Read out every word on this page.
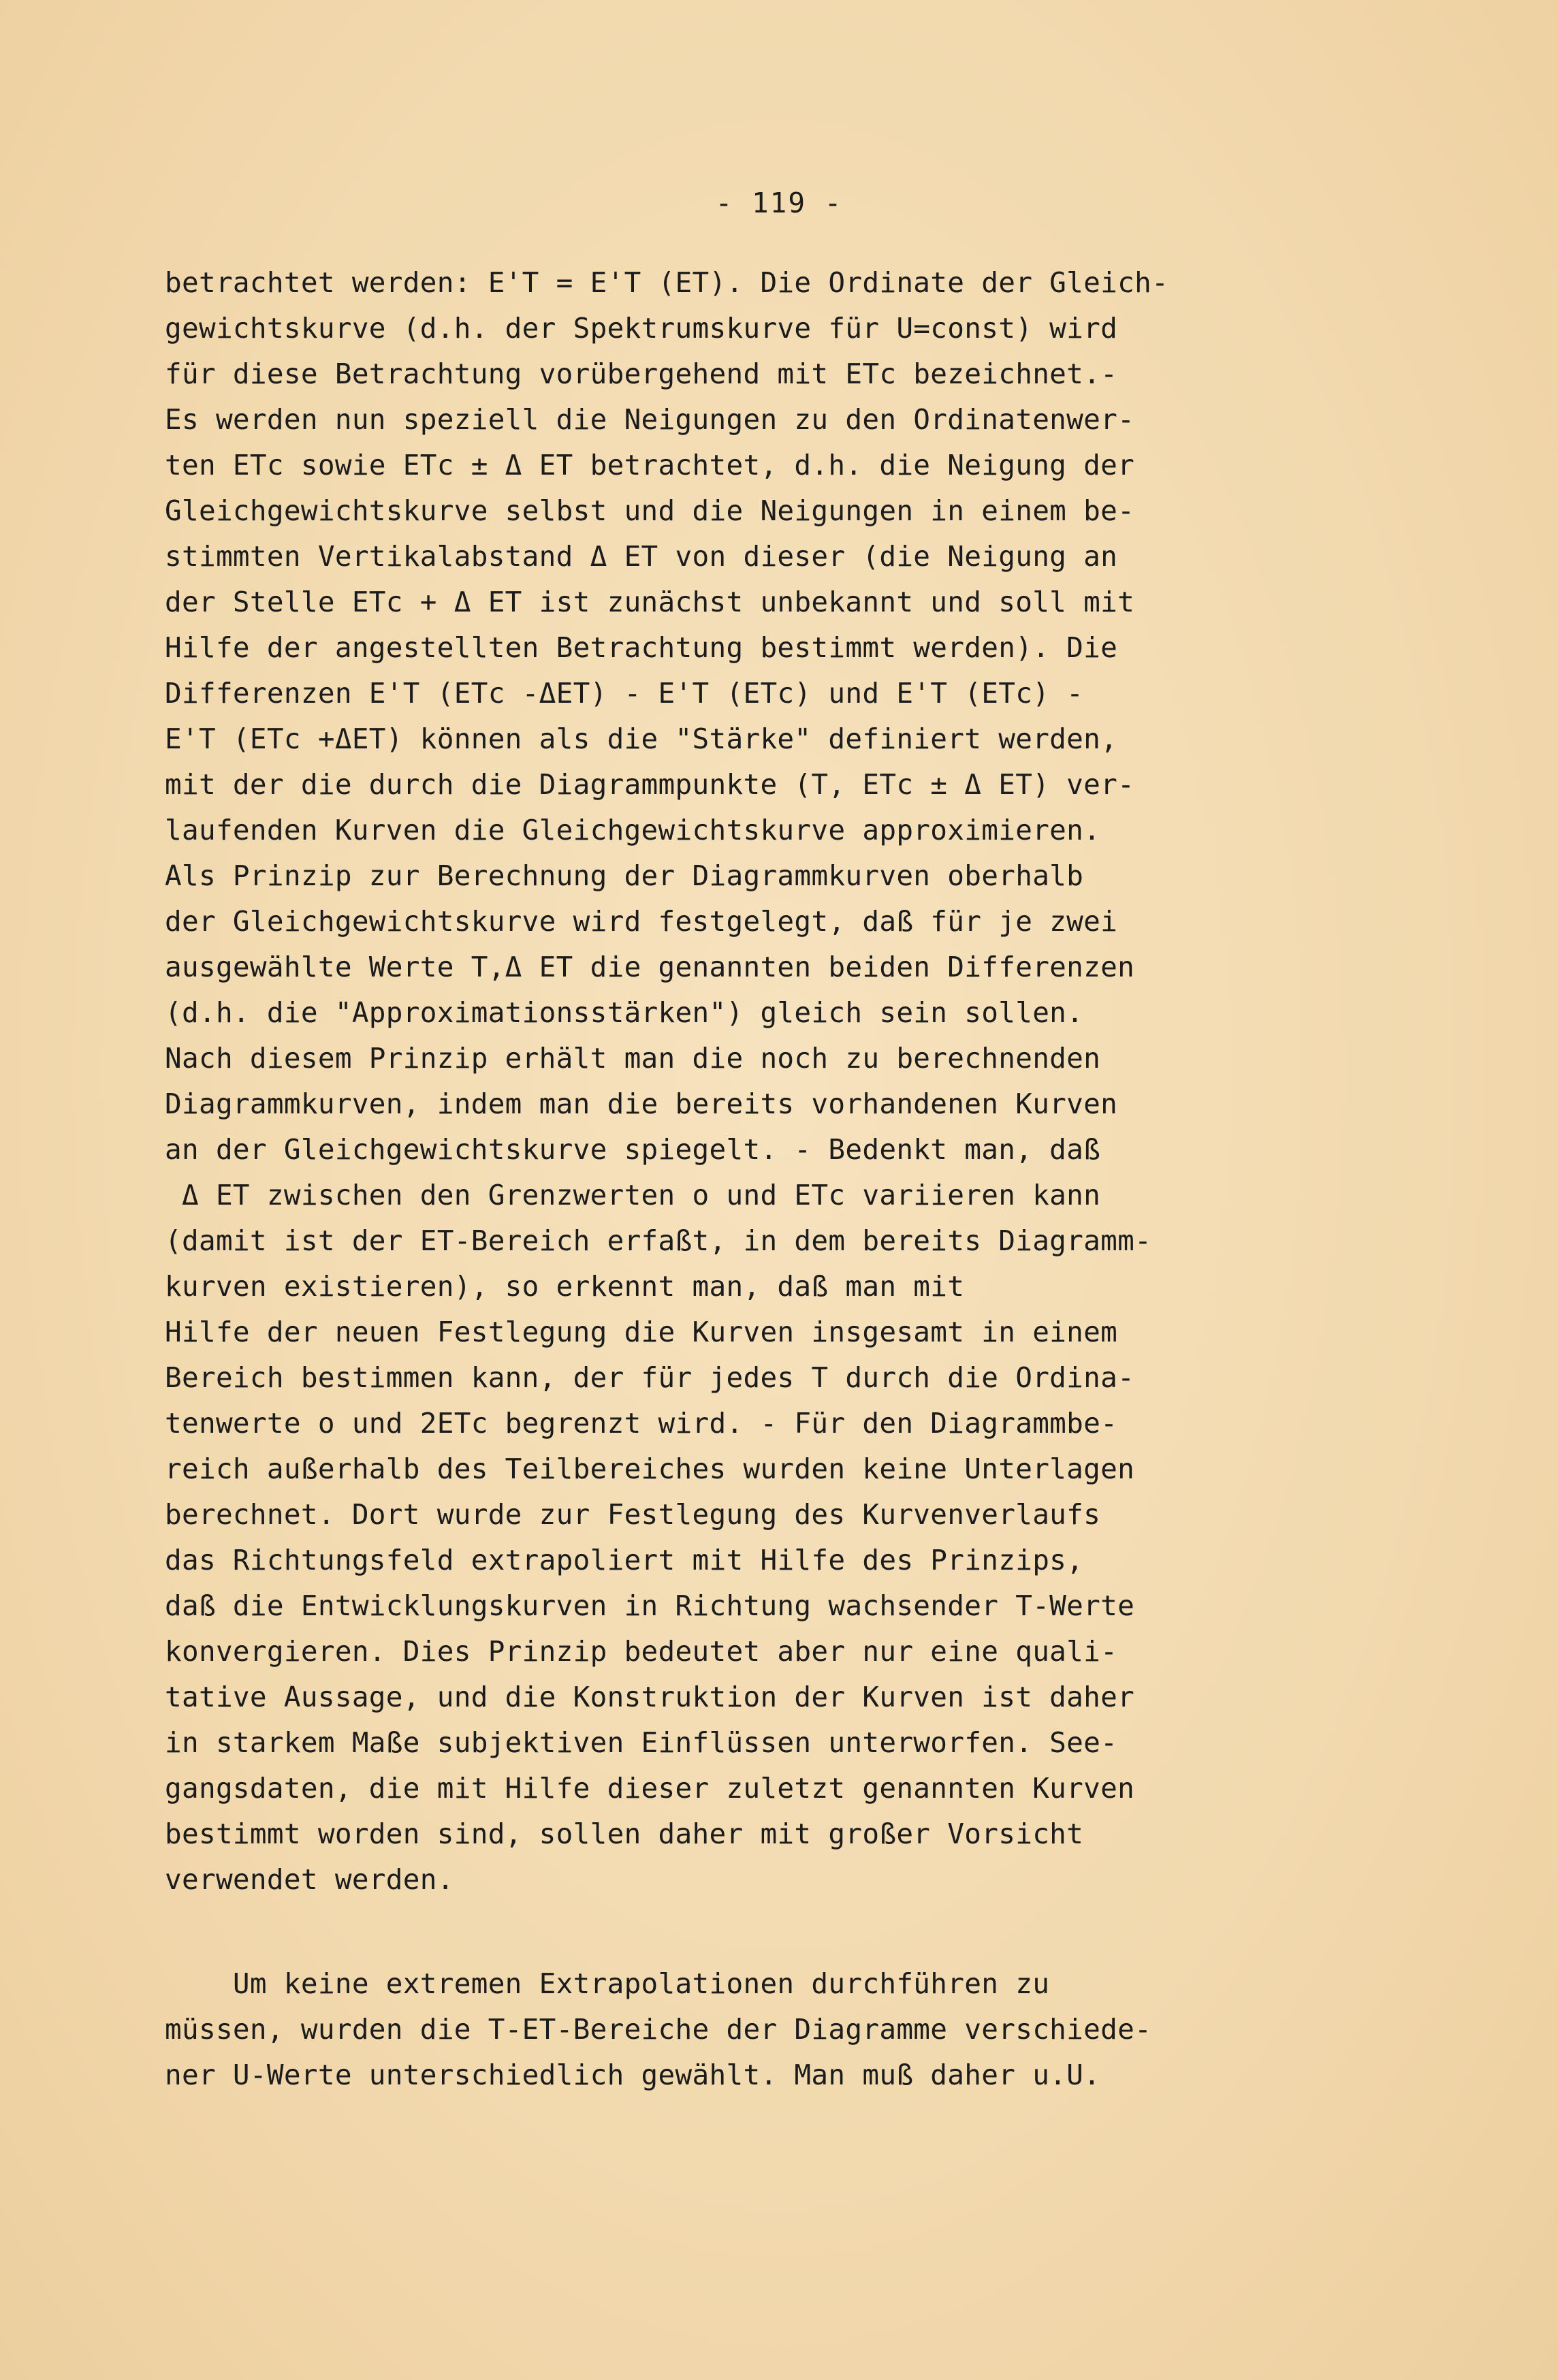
- 119 -
betrachtet werden: E'T = E'T (ET). Die Ordinate der Gleich-
gewichtskurve (d.h. der Spektrumskurve für U=const) wird
für diese Betrachtung vorübergehend mit ETc bezeichnet.-
Es werden nun speziell die Neigungen zu den Ordinatenwer-
ten ETc sowie ETc ± Δ ET betrachtet, d.h. die Neigung der
Gleichgewichtskurve selbst und die Neigungen in einem be-
stimmten Vertikalabstand Δ ET von dieser (die Neigung an
der Stelle ETc + Δ ET ist zunächst unbekannt und soll mit
Hilfe der angestellten Betrachtung bestimmt werden). Die
Differenzen E'T (ETc -ΔET) - E'T (ETc) und E'T (ETc) -
E'T (ETc +ΔET) können als die "Stärke" definiert werden,
mit der die durch die Diagrammpunkte (T, ETc ± Δ ET) ver-
laufenden Kurven die Gleichgewichtskurve approximieren.
Als Prinzip zur Berechnung der Diagrammkurven oberhalb
der Gleichgewichtskurve wird festgelegt, daß für je zwei
ausgewählte Werte T,Δ ET die genannten beiden Differenzen
(d.h. die "Approximationsstärken") gleich sein sollen.
Nach diesem Prinzip erhält man die noch zu berechnenden
Diagrammkurven, indem man die bereits vorhandenen Kurven
an der Gleichgewichtskurve spiegelt. - Bedenkt man, daß
Δ ET zwischen den Grenzwerten o und ETc variieren kann
(damit ist der ET-Bereich erfaßt, in dem bereits Diagramm-
kurven existieren), so erkennt man, daß man mit
Hilfe der neuen Festlegung die Kurven insgesamt in einem
Bereich bestimmen kann, der für jedes T durch die Ordina-
tenwerte o und 2ETc begrenzt wird. - Für den Diagrammbe-
reich außerhalb des Teilbereiches wurden keine Unterlagen
berechnet. Dort wurde zur Festlegung des Kurvenverlaufs
das Richtungsfeld extrapoliert mit Hilfe des Prinzips,
daß die Entwicklungskurven in Richtung wachsender T-Werte
konvergieren. Dies Prinzip bedeutet aber nur eine quali-
tative Aussage, und die Konstruktion der Kurven ist daher
in starkem Maße subjektiven Einflüssen unterworfen. See-
gangsdaten, die mit Hilfe dieser zuletzt genannten Kurven
bestimmt worden sind, sollen daher mit großer Vorsicht
verwendet werden.
Um keine extremen Extrapolationen durchführen zu
müssen, wurden die T-ET-Bereiche der Diagramme verschiede-
ner U-Werte unterschiedlich gewählt. Man muß daher u.U.
